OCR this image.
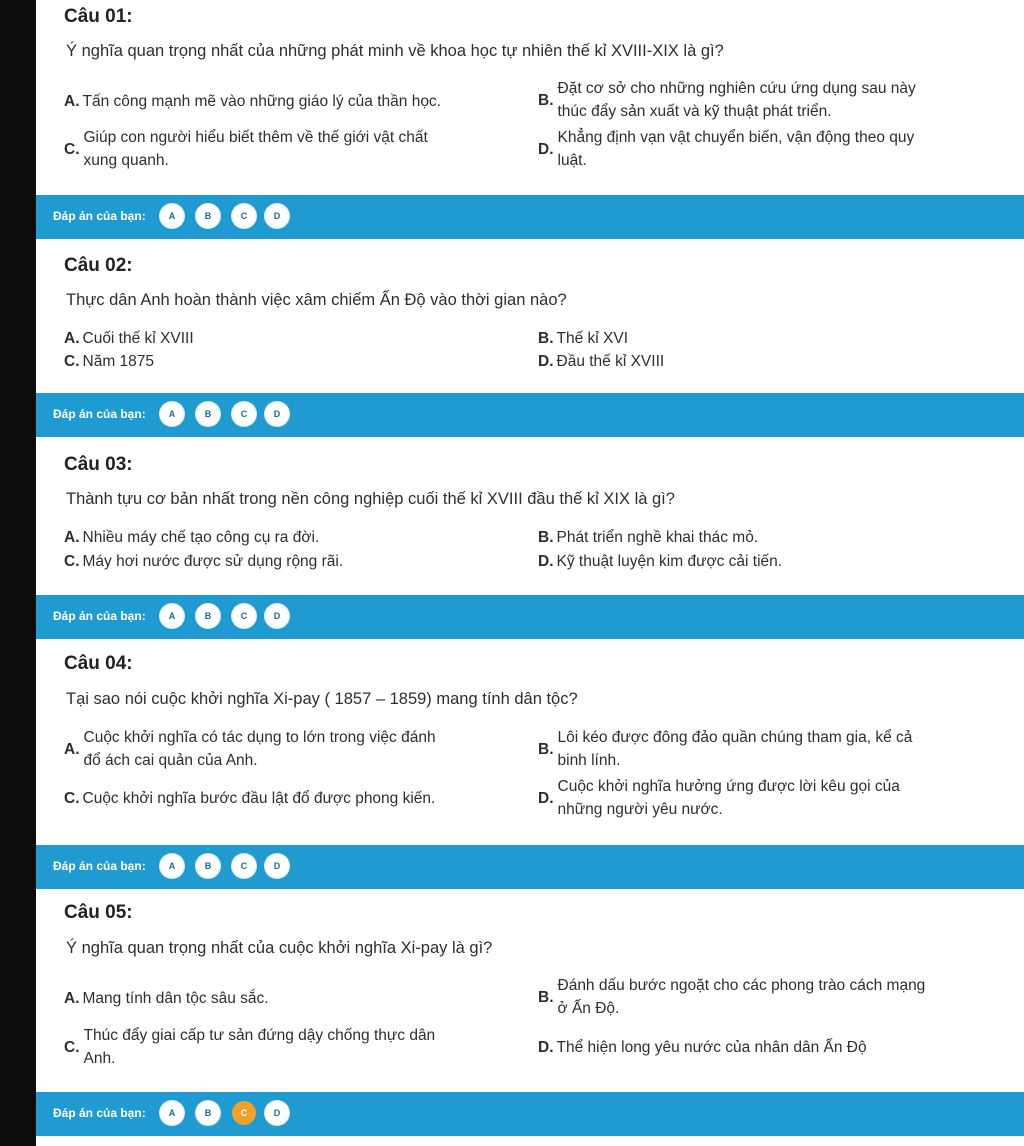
Câu 01:
Ý nghĩa quan trọng nhất của những phát minh về khoa học tự nhiên thế kỉ XVIII-XIX là gì?
A. Tấn công mạnh mẽ vào những giáo lý của thần học.	B.
Đặt cơ sở cho những nghiên cứu ứng dụng sau này
thúc đẩy sản xuất và kỹ thuật phát triển.
C.
Giúp con người hiểu biết thêm về thế giới vật chất
xung quanh.
D.
Khẳng định vạn vật chuyển biến, vận động theo quy
luật.
Đáp án của bạn:	A	B	C	D
Câu 02:
Thực dân Anh hoàn thành việc xâm chiếm Ấn Độ vào thời gian nào?
A. Cuối thế kỉ XVIII	B. Thế kỉ XVI
C. Năm 1875	D. Đầu thế kỉ XVIII
Đáp án của bạn:	A	B	C	D
Câu 03:
Thành tựu cơ bản nhất trong nền công nghiệp cuối thế kỉ XVIII đầu thế kỉ XIX là gì?
A. Nhiều máy chế tạo công cụ ra đời.	B. Phát triển nghề khai thác mỏ.
C. Máy hơi nước được sử dụng rộng rãi.	D. Kỹ thuật luyện kim được cải tiến.
Đáp án của bạn:	A	B	C	D
Câu 04:
Tại sao nói cuộc khởi nghĩa Xi-pay ( 1857 – 1859) mang tính dân tộc?
A.
Cuộc khởi nghĩa có tác dụng to lớn trong việc đánh
đổ ách cai quản của Anh.
B.
Lôi kéo được đông đảo quần chúng tham gia, kể cả
binh lính.
C. Cuộc khởi nghĩa bước đầu lật đổ được phong kiến.	D.
Cuộc khởi nghĩa hưởng ứng được lời kêu gọi của
những người yêu nước.
Đáp án của bạn:	A	B	C	D
Câu 05:
Ý nghĩa quan trọng nhất của cuộc khởi nghĩa Xi-pay là gì?
A. Mang tính dân tộc sâu sắc.	B.
Đánh dấu bước ngoặt cho các phong trào cách mạng
ở Ấn Độ.
C.
Thúc đẩy giai cấp tư sản đứng dậy chống thực dân
Anh.
D. Thể hiện long yêu nước của nhân dân Ấn Độ
Đáp án của bạn:	A	B	C	D
